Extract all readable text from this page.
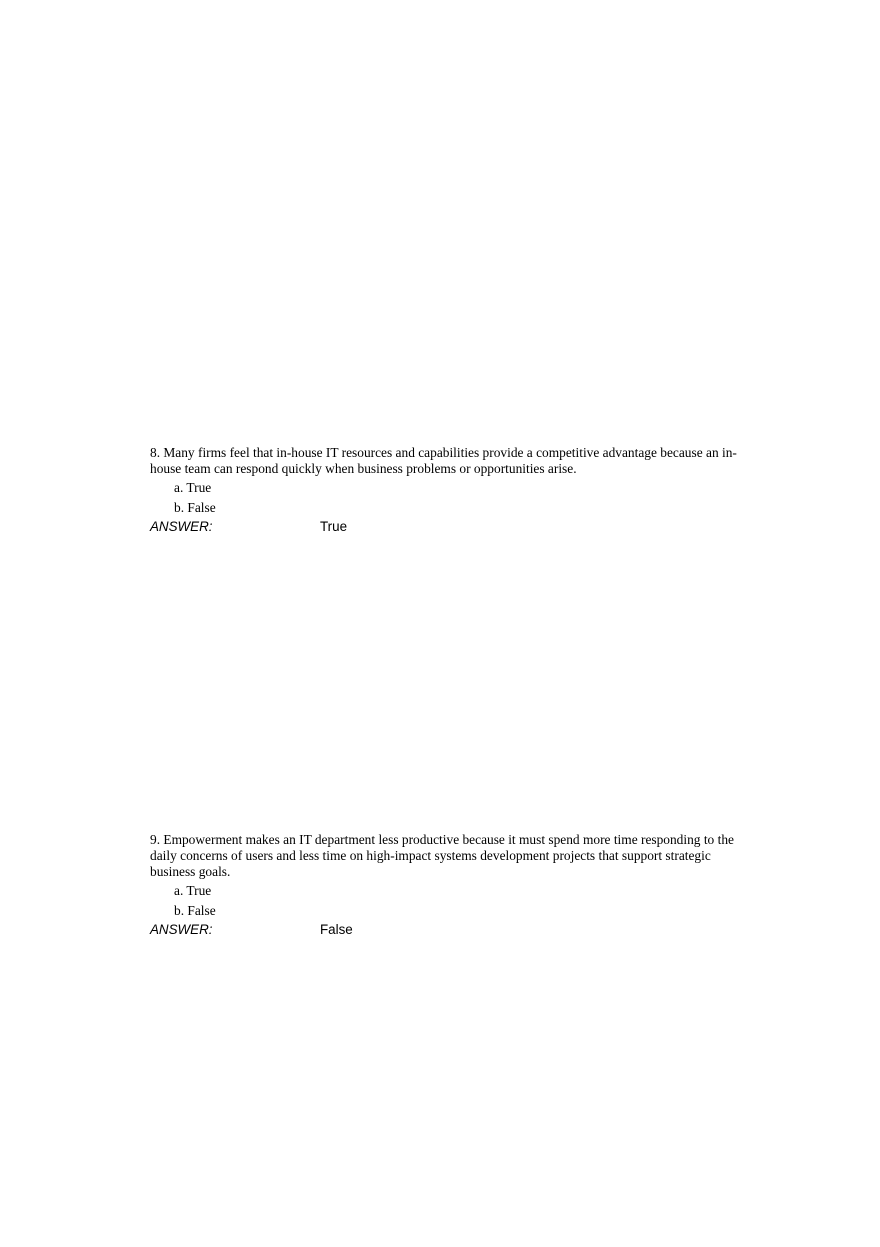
8. Many firms feel that in-house IT resources and capabilities provide a competitive advantage because an in-house team can respond quickly when business problems or opportunities arise.

a. True
b. False
ANSWER:	True

9. Empowerment makes an IT department less productive because it must spend more time responding to the daily concerns of users and less time on high-impact systems development projects that support strategic business goals.

a. True
b. False
ANSWER:	False
